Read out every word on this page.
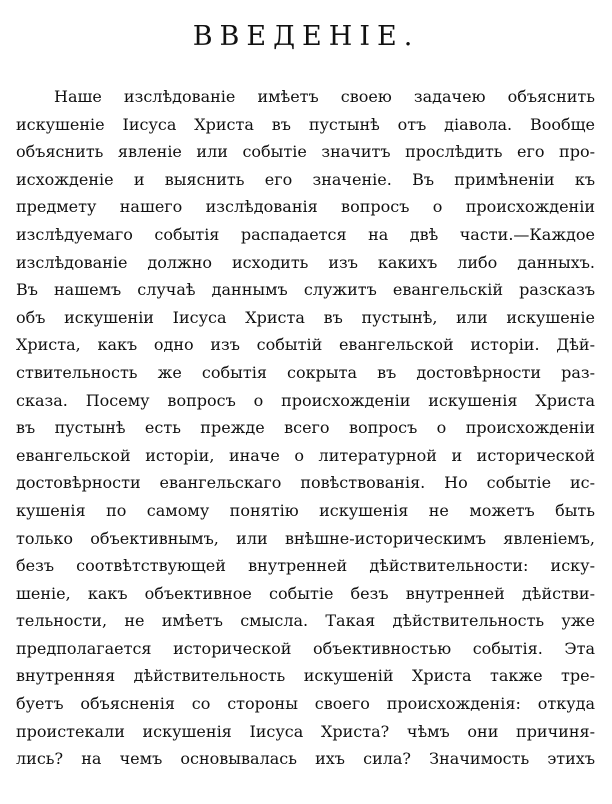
ВВЕДЕНІЕ.
Наше изслѣдованіе имѣетъ своею задачею объяснить
искушеніе Іисуса Христа въ пустынѣ отъ діавола. Вообще
объяснить явленіе или событіе значитъ прослѣдить его про-
исхожденіе и выяснить его значеніе. Въ примѣненіи къ
предмету нашего изслѣдованія вопросъ о происхожденіи
изслѣдуемаго событія распадается на двѣ части.—Каждое
изслѣдованіе должно исходить изъ какихъ либо данныхъ.
Въ нашемъ случаѣ даннымъ служитъ евангельскій разсказъ
объ искушеніи Іисуса Христа въ пустынѣ, или искушеніе
Христа, какъ одно изъ событій евангельской исторіи. Дѣй-
ствительность же событія сокрыта въ достовѣрности раз-
сказа. Посему вопросъ о происхожденіи искушенія Христа
въ пустынѣ есть прежде всего вопросъ о происхожденіи
евангельской исторіи, иначе о литературной и исторической
достовѣрности евангельскаго повѣствованія. Но событіе ис-
кушенія по самому понятію искушенія не можетъ быть
только объективнымъ, или внѣшне-историческимъ явленіемъ,
безъ соотвѣтствующей внутренней дѣйствительности: иску-
шеніе, какъ объективное событіе безъ внутренней дѣйстви-
тельности, не имѣетъ смысла. Такая дѣйствительность уже
предполагается исторической объективностью событія. Эта
внутренняя дѣйствительность искушеній Христа также тре-
буетъ объясненія со стороны своего происхожденія: откуда
проистекали искушенія Іисуса Христа? чѣмъ они причиня-
лись? на чемъ основывалась ихъ сила? Значимость этихъ
